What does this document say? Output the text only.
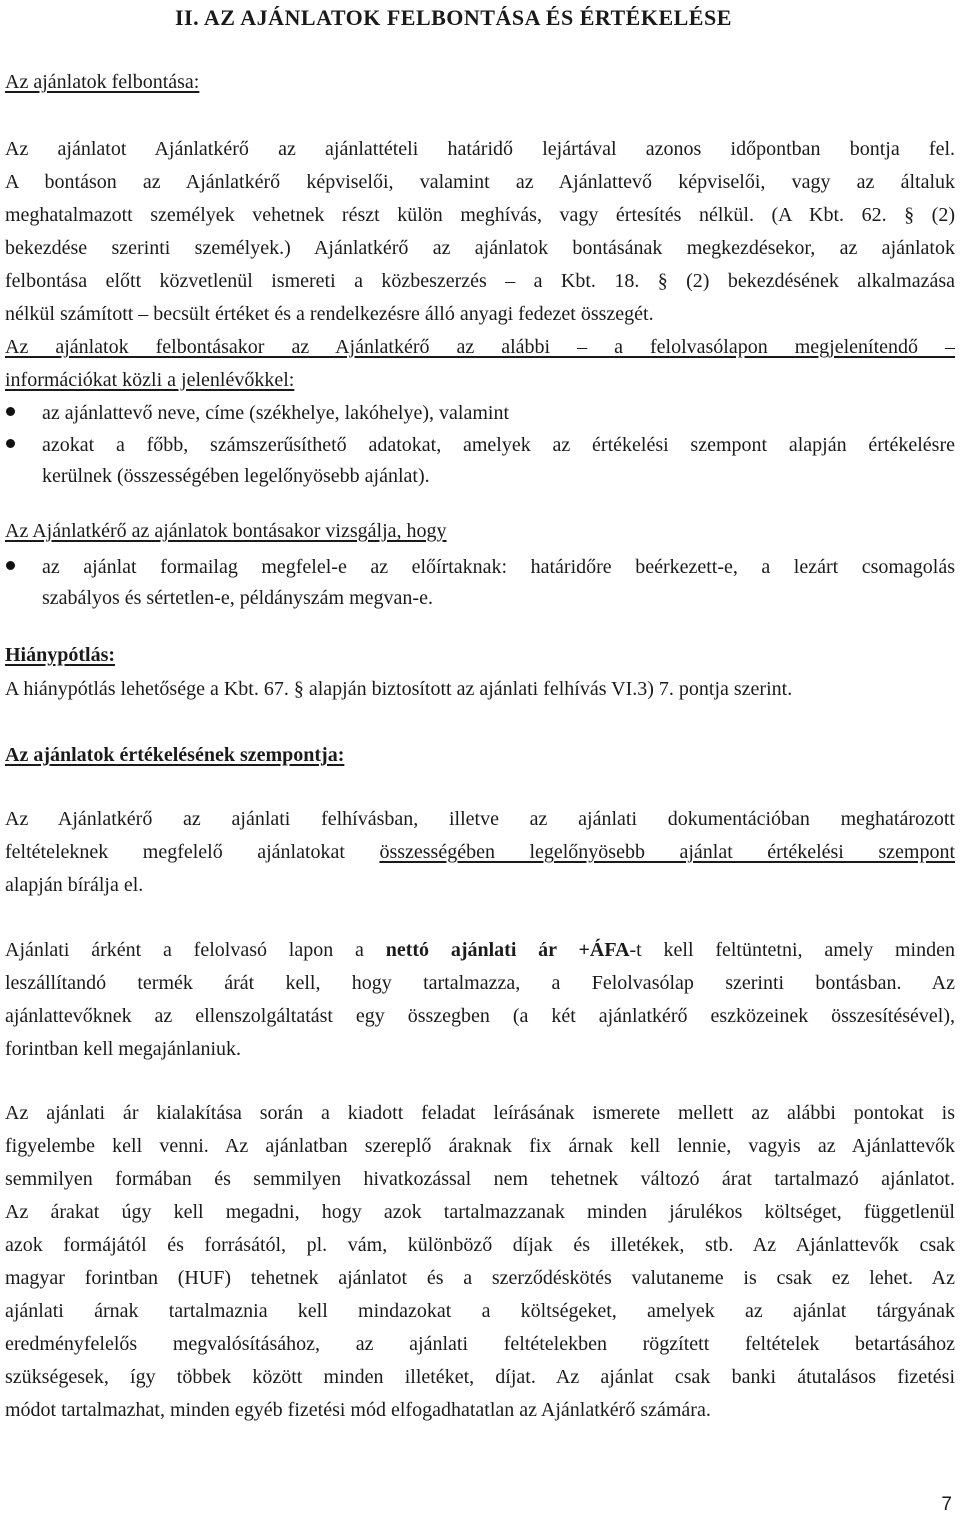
II. AZ AJÁNLATOK FELBONTÁSA ÉS ÉRTÉKELÉSE
Az ajánlatok felbontása:
Az ajánlatot Ajánlatkérő az ajánlattételi határidő lejártával azonos időpontban bontja fel.
A bontáson az Ajánlatkérő képviselői, valamint az Ajánlattevő képviselői, vagy az általuk
meghatalmazott személyek vehetnek részt külön meghívás, vagy értesítés nélkül. (A Kbt. 62. § (2)
bekezdése szerinti személyek.) Ajánlatkérő az ajánlatok bontásának megkezdésekor, az ajánlatok
felbontása előtt közvetlenül ismereti a közbeszerzés – a Kbt. 18. § (2) bekezdésének alkalmazása
nélkül számított – becsült értéket és a rendelkezésre álló anyagi fedezet összegét.
Az ajánlatok felbontásakor az Ajánlatkérő az alábbi – a felolvasólapon megjelenítendő –
információkat közli a jelenlévőkkel:
az ajánlattevő neve, címe (székhelye, lakóhelye), valamint
azokat a főbb, számszerűsíthető adatokat, amelyek az értékelési szempont alapján értékelésre
kerülnek (összességében legelőnyösebb ajánlat).
Az Ajánlatkérő az ajánlatok bontásakor vizsgálja, hogy
az ajánlat formailag megfelel-e az előírtaknak: határidőre beérkezett-e, a lezárt csomagolás
szabályos és sértetlen-e, példányszám megvan-e.
Hiánypótlás:
A hiánypótlás lehetősége a Kbt. 67. § alapján biztosított az ajánlati felhívás VI.3) 7. pontja szerint.
Az ajánlatok értékelésének szempontja:
Az Ajánlatkérő az ajánlati felhívásban, illetve az ajánlati dokumentációban meghatározott
feltételeknek megfelelő ajánlatokat összességében legelőnyösebb ajánlat értékelési szempont
alapján bírálja el.
Ajánlati árként a felolvasó lapon a nettó ajánlati ár +ÁFA-t kell feltüntetni, amely minden
leszállítandó termék árát kell, hogy tartalmazza, a Felolvasólap szerinti bontásban. Az
ajánlattevőknek az ellenszolgáltatást egy összegben (a két ajánlatkérő eszközeinek összesítésével),
forintban kell megajánlaniuk.
Az ajánlati ár kialakítása során a kiadott feladat leírásának ismerete mellett az alábbi pontokat is
figyelembe kell venni. Az ajánlatban szereplő áraknak fix árnak kell lennie, vagyis az Ajánlattevők
semmilyen formában és semmilyen hivatkozással nem tehetnek változó árat tartalmazó ajánlatot.
Az árakat úgy kell megadni, hogy azok tartalmazzanak minden járulékos költséget, függetlenül
azok formájától és forrásától, pl. vám, különböző díjak és illetékek, stb. Az Ajánlattevők csak
magyar forintban (HUF) tehetnek ajánlatot és a szerződéskötés valutaneme is csak ez lehet. Az
ajánlati árnak tartalmaznia kell mindazokat a költségeket, amelyek az ajánlat tárgyának
eredményfelelős megvalósításához, az ajánlati feltételekben rögzített feltételek betartásához
szükségesek, így többek között minden illetéket, díjat. Az ajánlat csak banki átutalásos fizetési
módot tartalmazhat, minden egyéb fizetési mód elfogadhatatlan az Ajánlatkérő számára.
7
